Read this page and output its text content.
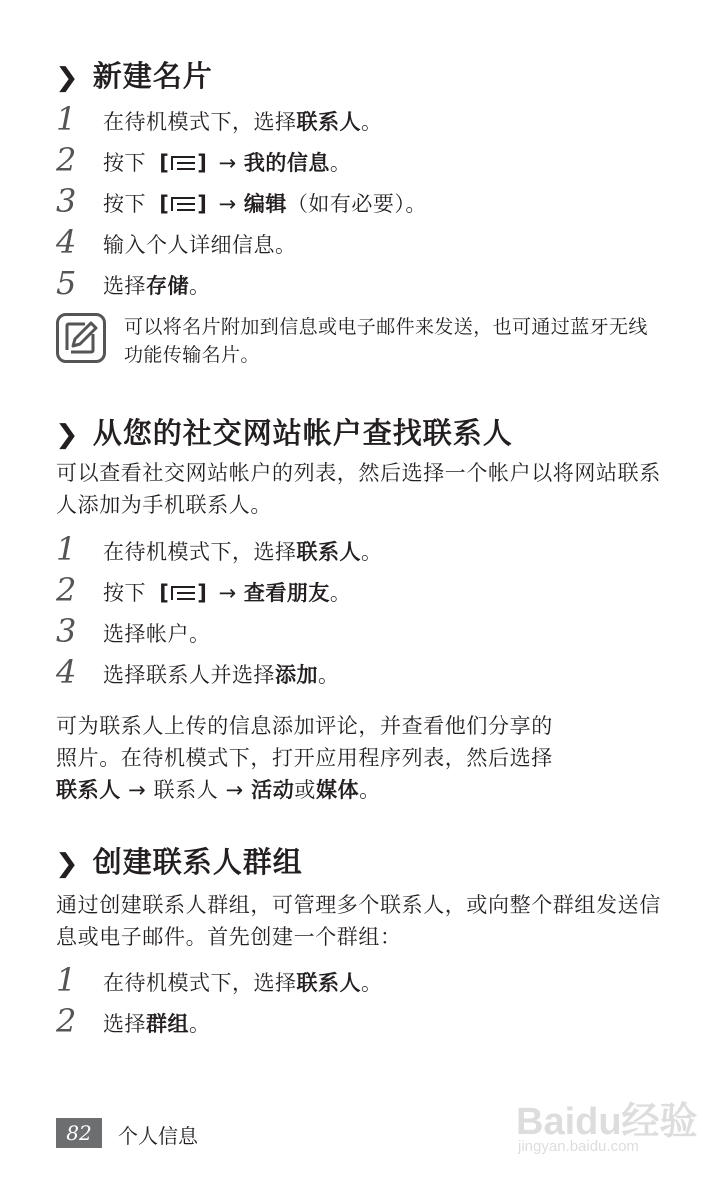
❯ 新建名片
1	在待机模式下，选择联系人。
2	按下 [ ] → 我的信息。
3	按下 [ ] → 编辑（如有必要）。
4	输入个人详细信息。
5	选择存储。
可以将名片附加到信息或电子邮件来发送，也可通过蓝牙无线功能传输名片。
❯ 从您的社交网站帐户查找联系人
可以查看社交网站帐户的列表，然后选择一个帐户以将网站联系人添加为手机联系人。
1	在待机模式下，选择联系人。
2	按下 [ ] → 查看朋友。
3	选择帐户。
4	选择联系人并选择添加。
可为联系人上传的信息添加评论，并查看他们分享的
照片。在待机模式下，打开应用程序列表，然后选择
联系人 → 联系人 → 活动或媒体。
❯ 创建联系人群组
通过创建联系人群组，可管理多个联系人，或向整个群组发送信息或电子邮件。首先创建一个群组：
1	在待机模式下，选择联系人。
2	选择群组。
82	个人信息	Baidu经验
jingyan.baidu.com
